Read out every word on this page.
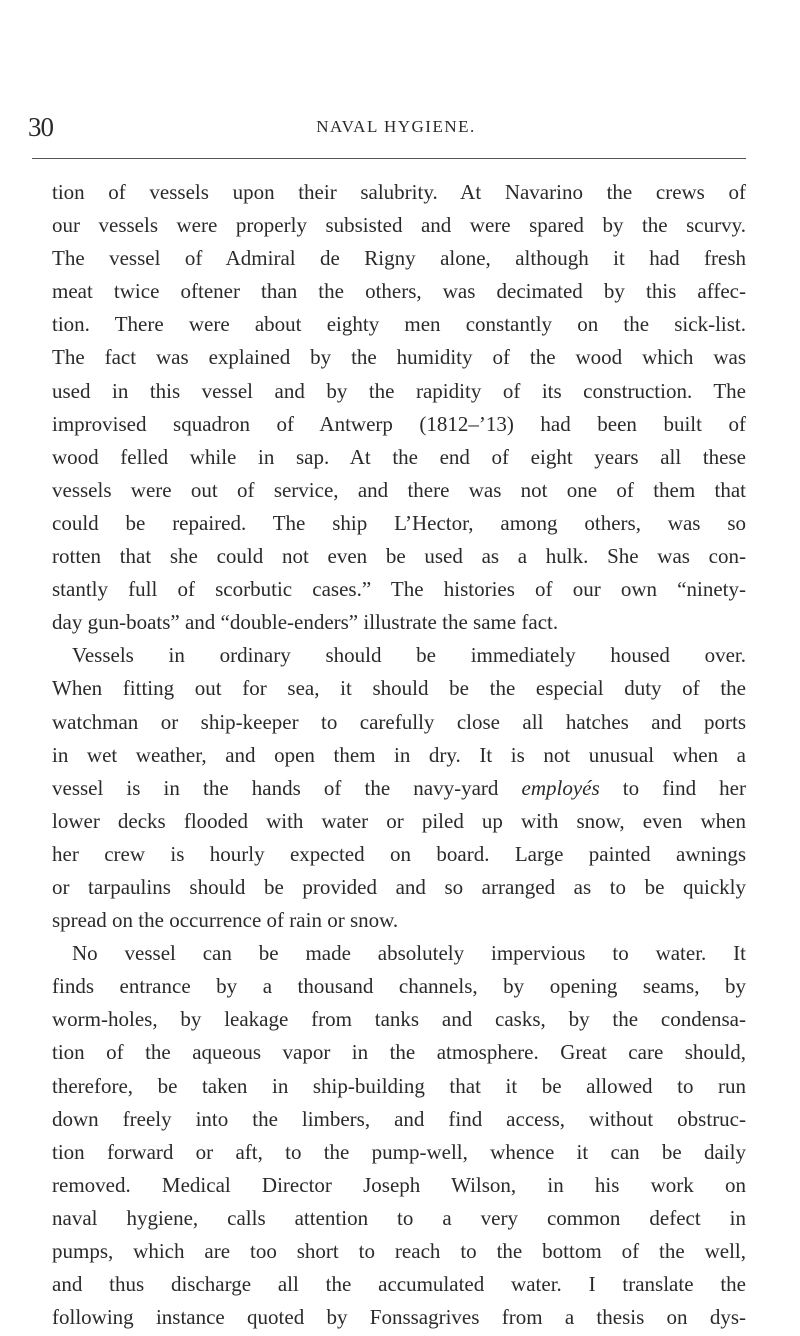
30	NAVAL HYGIENE.
tion of vessels upon their salubrity. At Navarino the crews of
our vessels were properly subsisted and were spared by the scurvy.
The vessel of Admiral de Rigny alone, although it had fresh
meat twice oftener than the others, was decimated by this affec-
tion. There were about eighty men constantly on the sick-list.
The fact was explained by the humidity of the wood which was
used in this vessel and by the rapidity of its construction. The
improvised squadron of Antwerp (1812–’13) had been built of
wood felled while in sap. At the end of eight years all these
vessels were out of service, and there was not one of them that
could be repaired. The ship L’Hector, among others, was so
rotten that she could not even be used as a hulk. She was con-
stantly full of scorbutic cases.” The histories of our own “ninety-
day gun-boats” and “double-enders” illustrate the same fact.
Vessels in ordinary should be immediately housed over.
When fitting out for sea, it should be the especial duty of the
watchman or ship-keeper to carefully close all hatches and ports
in wet weather, and open them in dry. It is not unusual when a
vessel is in the hands of the navy-yard employés to find her
lower decks flooded with water or piled up with snow, even when
her crew is hourly expected on board. Large painted awnings
or tarpaulins should be provided and so arranged as to be quickly
spread on the occurrence of rain or snow.
No vessel can be made absolutely impervious to water. It
finds entrance by a thousand channels, by opening seams, by
worm-holes, by leakage from tanks and casks, by the condensa-
tion of the aqueous vapor in the atmosphere. Great care should,
therefore, be taken in ship-building that it be allowed to run
down freely into the limbers, and find access, without obstruc-
tion forward or aft, to the pump-well, whence it can be daily
removed. Medical Director Joseph Wilson, in his work on
naval hygiene, calls attention to a very common defect in
pumps, which are too short to reach to the bottom of the well,
and thus discharge all the accumulated water. I translate the
following instance quoted by Fonssagrives from a thesis on dys-
